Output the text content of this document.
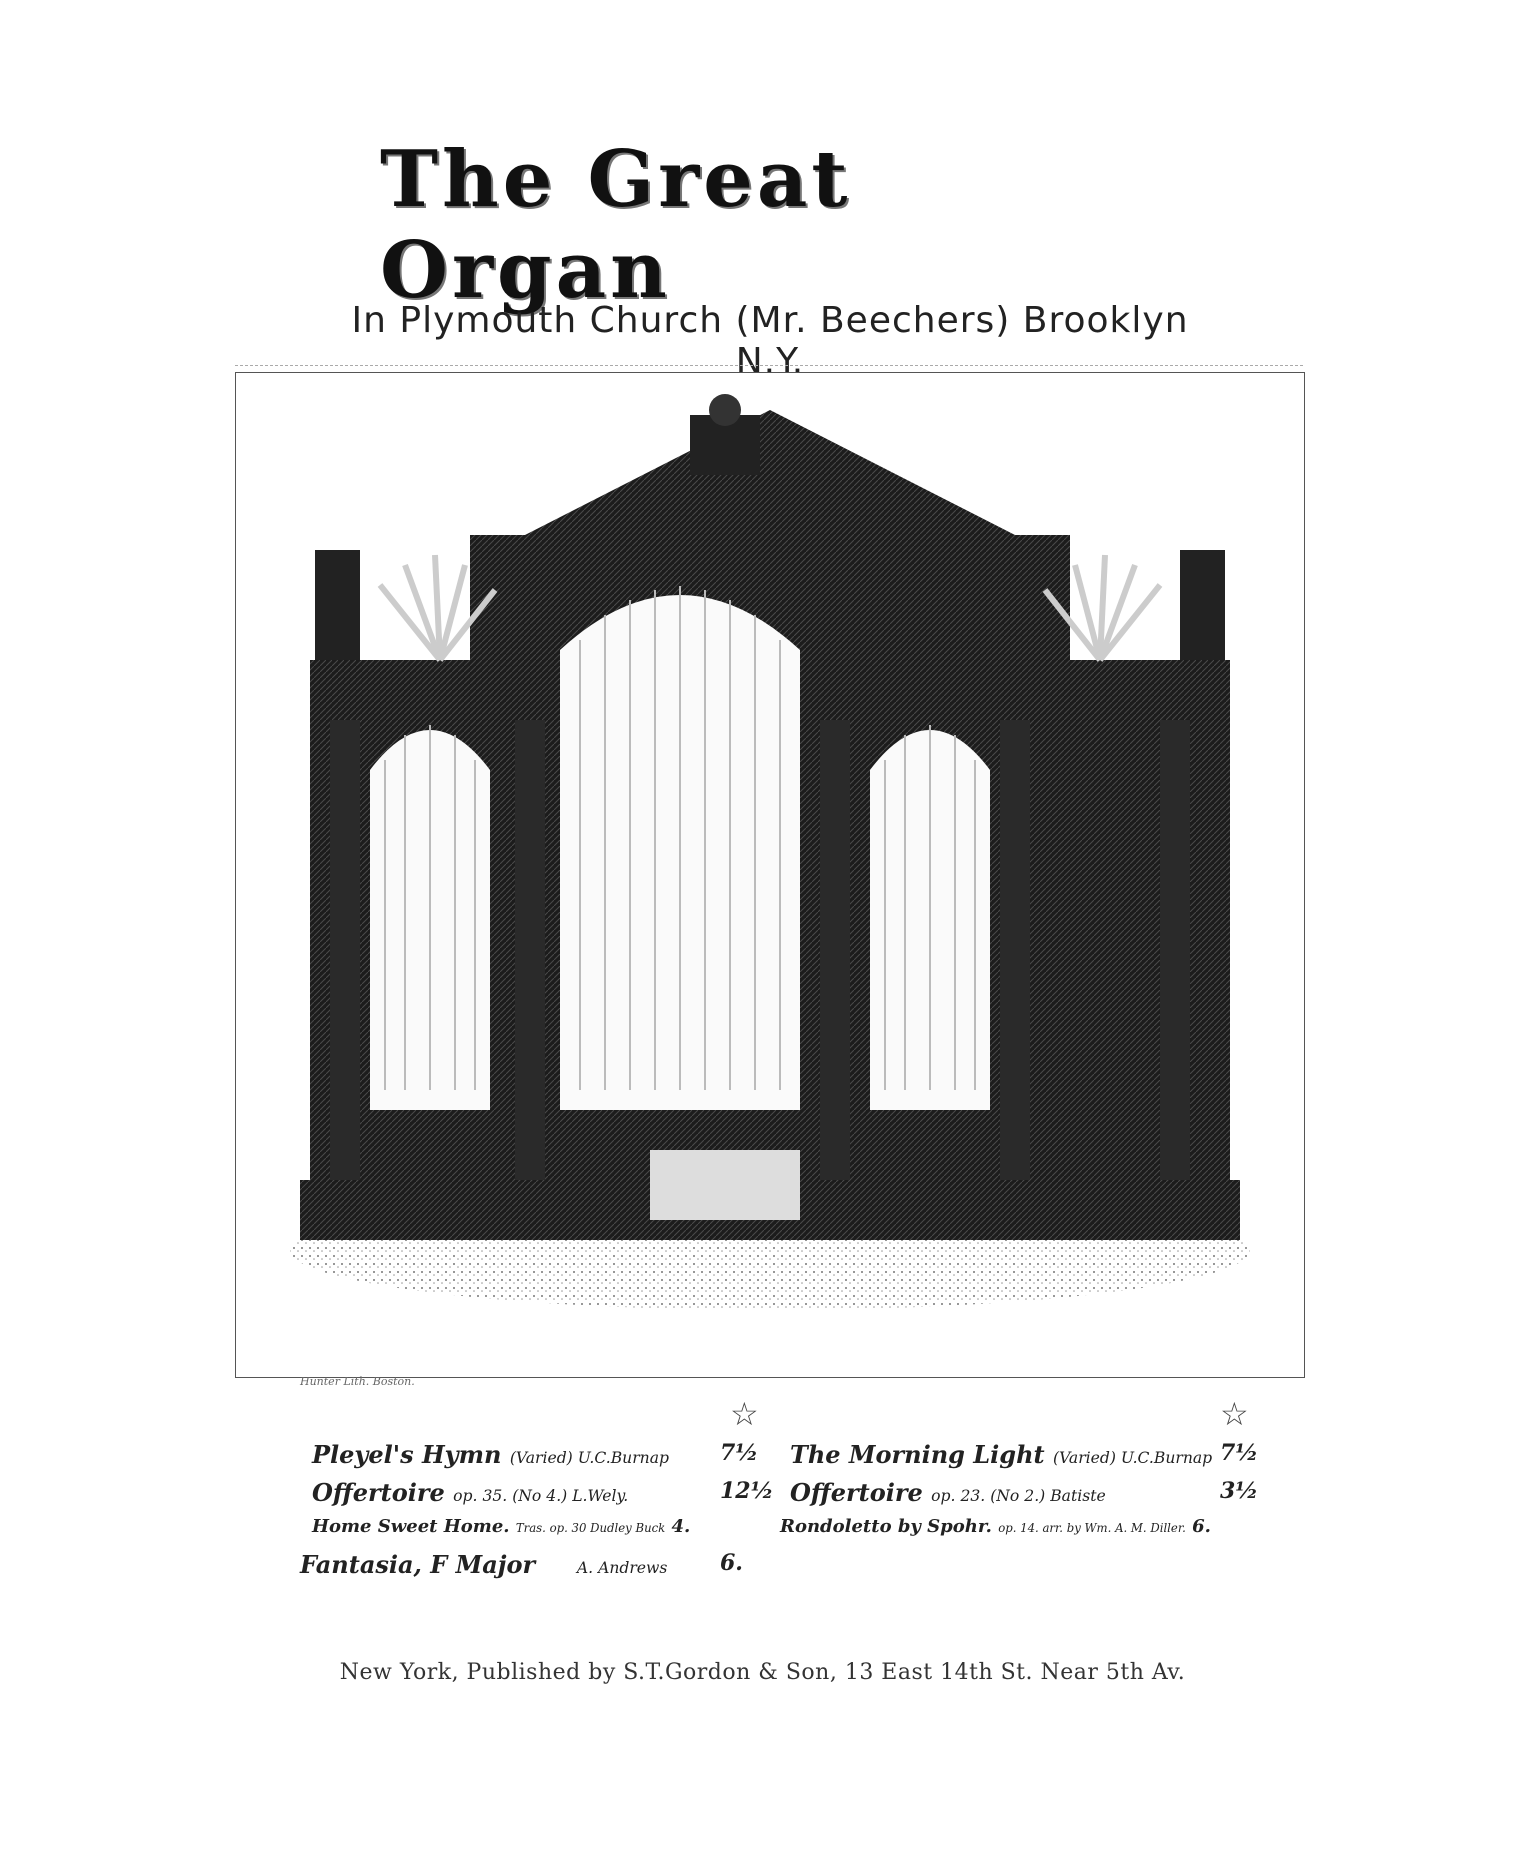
The Great Organ
In Plymouth Church (Mr. Beechers) Brooklyn N.Y.
Hunter Lith. Boston.
☆	☆
Pleyel's Hymn (Varied) U.C.Burnap 7½ The Morning Light (Varied) U.C.Burnap 7½
Offertoire op. 35. (No 4.) L.Wely.	12½ Offertoire op. 23. (No 2.) Batiste	3½
Home Sweet Home. Tras. op. 30 Dudley Buck 4.	Rondoletto by Spohr. op. 14. arr. by Wm. A. M. Diller. 6.
Fantasia, F Major	A. Andrews 6.
New York, Published by S.T.Gordon & Son, 13 East 14th St. Near 5th Av.
